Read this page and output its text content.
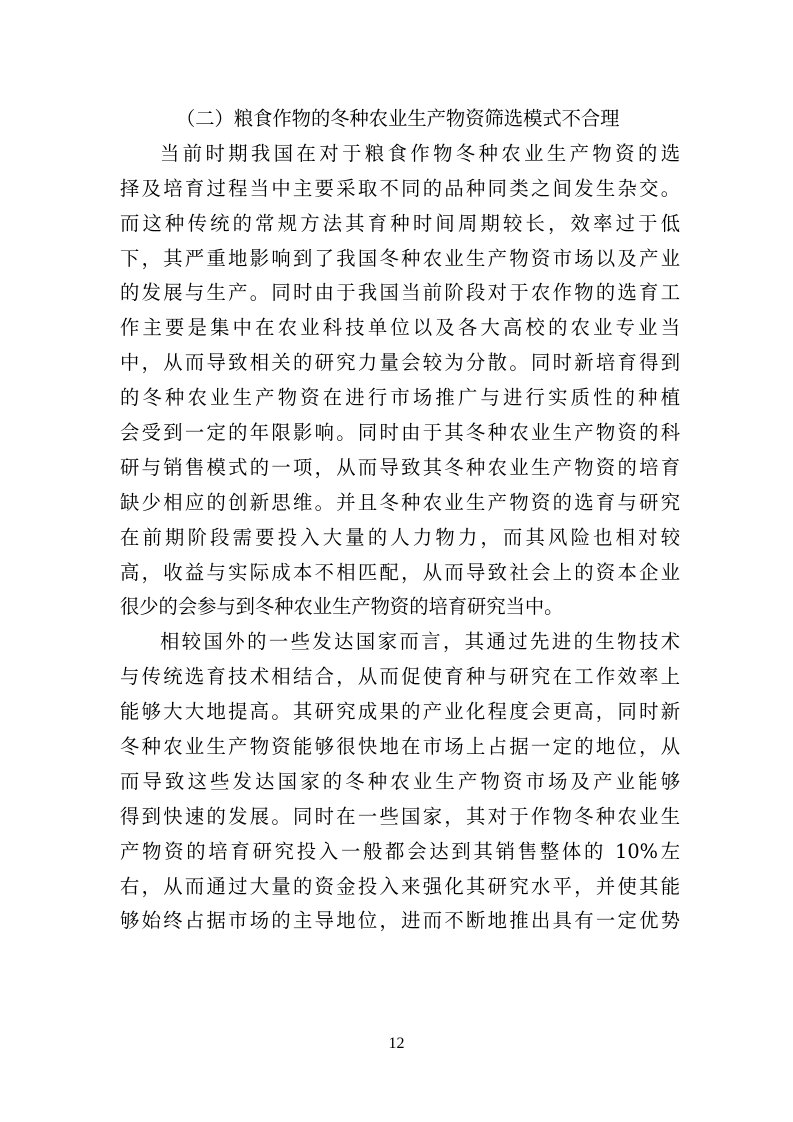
（二）粮食作物的冬种农业生产物资筛选模式不合理
当前时期我国在对于粮食作物冬种农业生产物资的选
择及培育过程当中主要采取不同的品种同类之间发生杂交。
而这种传统的常规方法其育种时间周期较长，效率过于低
下，其严重地影响到了我国冬种农业生产物资市场以及产业
的发展与生产。同时由于我国当前阶段对于农作物的选育工
作主要是集中在农业科技单位以及各大高校的农业专业当
中，从而导致相关的研究力量会较为分散。同时新培育得到
的冬种农业生产物资在进行市场推广与进行实质性的种植
会受到一定的年限影响。同时由于其冬种农业生产物资的科
研与销售模式的一项，从而导致其冬种农业生产物资的培育
缺少相应的创新思维。并且冬种农业生产物资的选育与研究
在前期阶段需要投入大量的人力物力，而其风险也相对较
高，收益与实际成本不相匹配，从而导致社会上的资本企业
很少的会参与到冬种农业生产物资的培育研究当中。
相较国外的一些发达国家而言，其通过先进的生物技术
与传统选育技术相结合，从而促使育种与研究在工作效率上
能够大大地提高。其研究成果的产业化程度会更高，同时新
冬种农业生产物资能够很快地在市场上占据一定的地位，从
而导致这些发达国家的冬种农业生产物资市场及产业能够
得到快速的发展。同时在一些国家，其对于作物冬种农业生
产物资的培育研究投入一般都会达到其销售整体的 10%左
右，从而通过大量的资金投入来强化其研究水平，并使其能
够始终占据市场的主导地位，进而不断地推出具有一定优势
12
